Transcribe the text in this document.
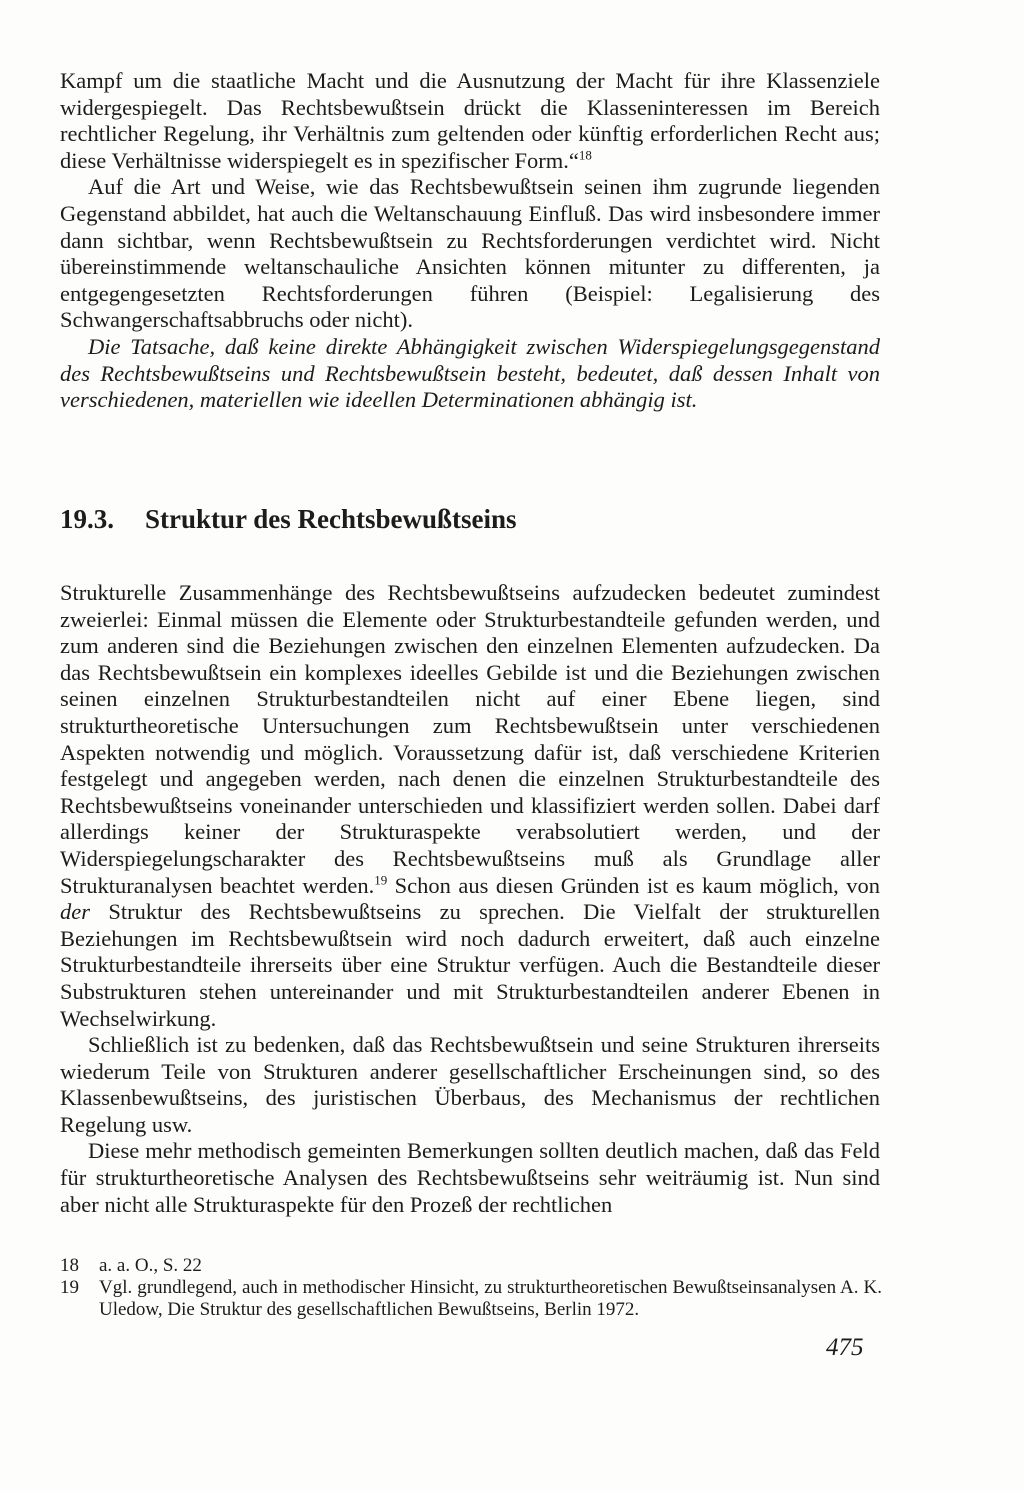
Kampf um die staatliche Macht und die Ausnutzung der Macht für ihre Klassenziele widergespiegelt. Das Rechtsbewußtsein drückt die Klasseninteressen im Bereich rechtlicher Regelung, ihr Verhältnis zum geltenden oder künftig erforderlichen Recht aus; diese Verhältnisse widerspiegelt es in spezifischer Form.“$^{18}$

Auf die Art und Weise, wie das Rechtsbewußtsein seinen ihm zugrunde liegenden Gegenstand abbildet, hat auch die Weltanschauung Einfluß. Das wird insbesondere immer dann sichtbar, wenn Rechtsbewußtsein zu Rechtsforderungen verdichtet wird. Nicht übereinstimmende weltanschauliche Ansichten können mitunter zu differenten, ja entgegengesetzten Rechtsforderungen führen (Beispiel: Legalisierung des Schwangerschaftsabbruchs oder nicht).

Die Tatsache, daß keine direkte Abhängigkeit zwischen Widerspiegelungsgegenstand des Rechtsbewußtseins und Rechtsbewußtsein besteht, bedeutet, daß dessen Inhalt von verschiedenen, materiellen wie ideellen Determinationen abhängig ist.

19.3. Struktur des Rechtsbewußtseins

Strukturelle Zusammenhänge des Rechtsbewußtseins aufzudecken bedeutet zumindest zweierlei: Einmal müssen die Elemente oder Strukturbestandteile gefunden werden, und zum anderen sind die Beziehungen zwischen den einzelnen Elementen aufzudecken. Da das Rechtsbewußtsein ein komplexes ideelles Gebilde ist und die Beziehungen zwischen seinen einzelnen Strukturbestandteilen nicht auf einer Ebene liegen, sind strukturtheoretische Untersuchungen zum Rechtsbewußtsein unter verschiedenen Aspekten notwendig und möglich. Voraussetzung dafür ist, daß verschiedene Kriterien festgelegt und angegeben werden, nach denen die einzelnen Strukturbestandteile des Rechtsbewußtseins voneinander unterschieden und klassifiziert werden sollen. Dabei darf allerdings keiner der Strukturaspekte verabsolutiert werden, und der Widerspiegelungscharakter des Rechtsbewußtseins muß als Grundlage aller Strukturanalysen beachtet werden.$^{19}$ Schon aus diesen Gründen ist es kaum möglich, von der Struktur des Rechtsbewußtseins zu sprechen. Die Vielfalt der strukturellen Beziehungen im Rechtsbewußtsein wird noch dadurch erweitert, daß auch einzelne Strukturbestandteile ihrerseits über eine Struktur verfügen. Auch die Bestandteile dieser Substrukturen stehen untereinander und mit Strukturbestandteilen anderer Ebenen in Wechselwirkung.

Schließlich ist zu bedenken, daß das Rechtsbewußtsein und seine Strukturen ihrerseits wiederum Teile von Strukturen anderer gesellschaftlicher Erscheinungen sind, so des Klassenbewußtseins, des juristischen Überbaus, des Mechanismus der rechtlichen Regelung usw.

Diese mehr methodisch gemeinten Bemerkungen sollten deutlich machen, daß das Feld für strukturtheoretische Analysen des Rechtsbewußtseins sehr weiträumig ist. Nun sind aber nicht alle Strukturaspekte für den Prozeß der rechtlichen

18	a. a. O., S. 22
19	Vgl. grundlegend, auch in methodischer Hinsicht, zu strukturtheoretischen Bewußtseinsanalysen A. K. Uledow, Die Struktur des gesellschaftlichen Bewußtseins, Berlin 1972.
475
